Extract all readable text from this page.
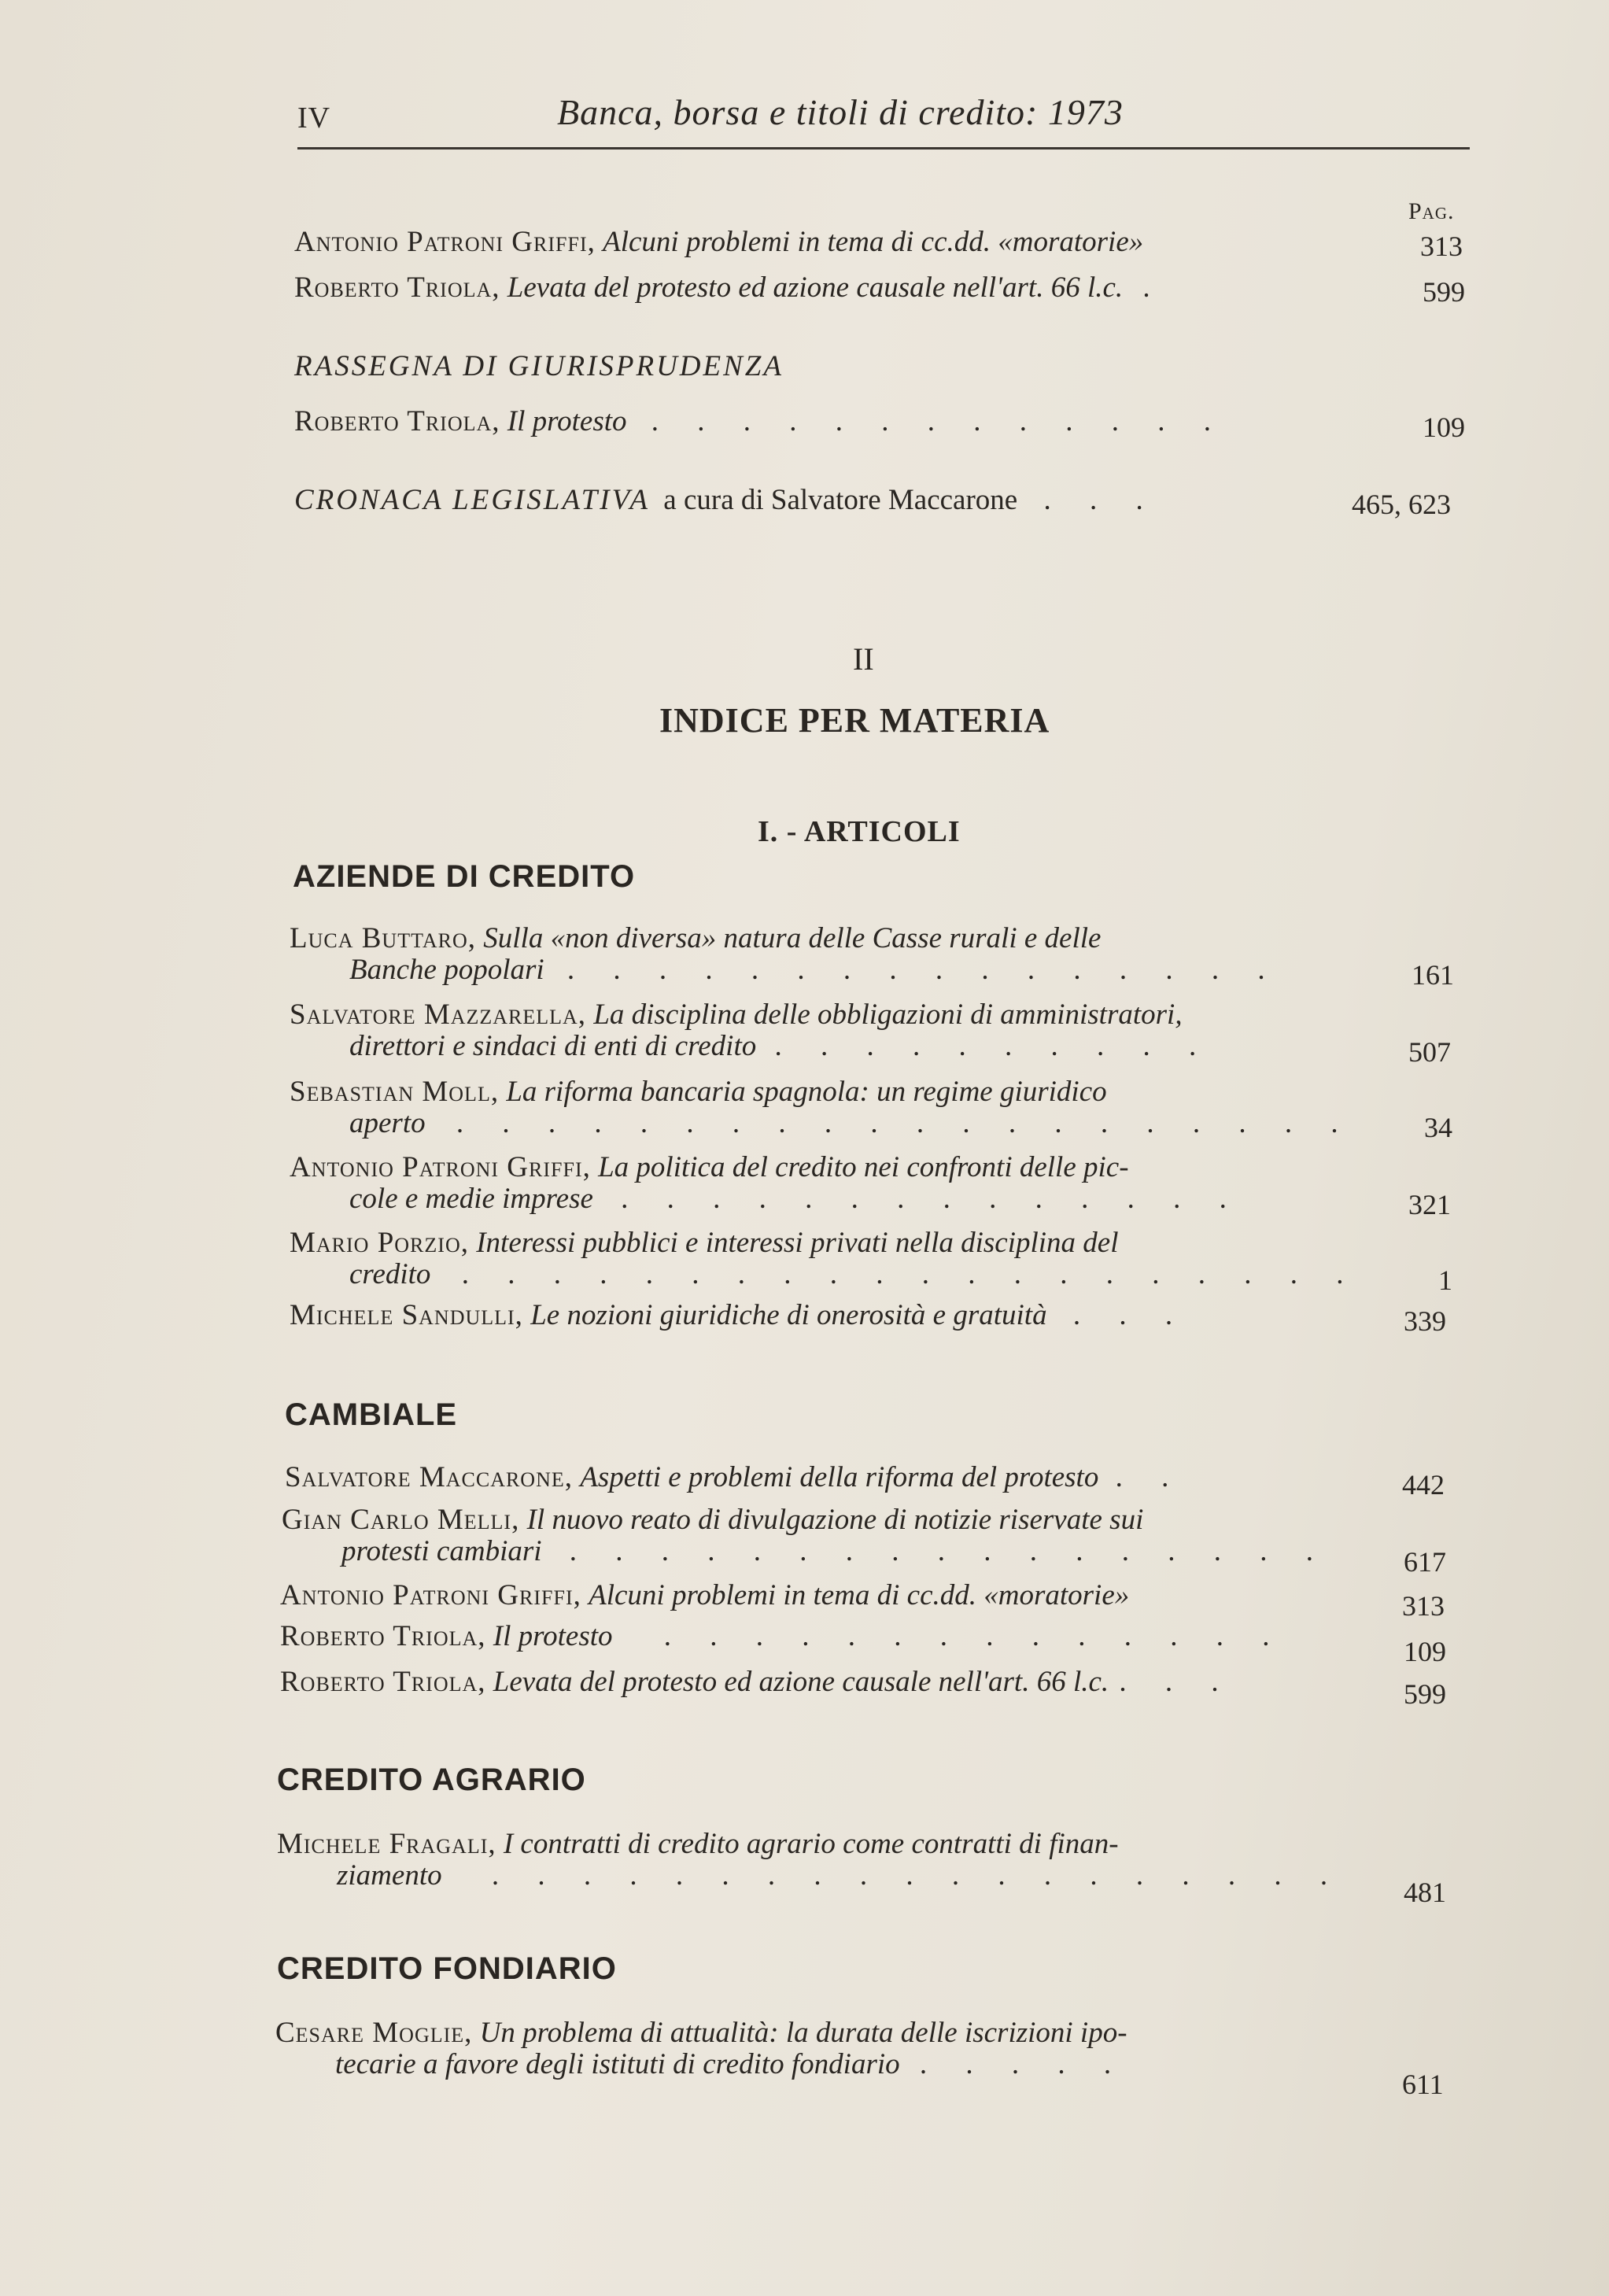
IV	Banca, borsa e titoli di credito: 1973
Pag.
Antonio Patroni Griffi, Alcuni problemi in tema di cc.dd. «moratorie»	313
Roberto Triola, Levata del protesto ed azione causale nell'art. 66 l.c. .	599
RASSEGNA DI GIURISPRUDENZA
Roberto Triola, Il protesto . . . . . . . . . . . . .	109
CRONACA LEGISLATIVA a cura di Salvatore Maccarone . . .	465, 623
II
INDICE PER MATERIA
I. - ARTICOLI
AZIENDE DI CREDITO
Luca Buttaro, Sulla «non diversa» natura delle Casse rurali e delle
Banche popolari . . . . . . . . . . . . . . . .	161
Salvatore Mazzarella, La disciplina delle obbligazioni di amministratori,
direttori e sindaci di enti di credito . . . . . . . . . .	507
Sebastian Moll, La riforma bancaria spagnola: un regime giuridico
aperto . . . . . . . . . . . . . . . . . . . . 34
Antonio Patroni Griffi, La politica del credito nei confronti delle pic-
cole e medie imprese . . . . . . . . . . . . . .	321
Mario Porzio, Interessi pubblici e interessi privati nella disciplina del
credito . . . . . . . . . . . . . . . . . . . .	1
Michele Sandulli, Le nozioni giuridiche di onerosità e gratuità . . .	339
CAMBIALE
Salvatore Maccarone, Aspetti e problemi della riforma del protesto . .	442
Gian Carlo Melli, Il nuovo reato di divulgazione di notizie riservate sui
protesti cambiari . . . . . . . . . . . . . . . . .	617
Antonio Patroni Griffi, Alcuni problemi in tema di cc.dd. «moratorie»	313
Roberto Triola, Il protesto . . . . . . . . . . . . . .	109
Roberto Triola, Levata del protesto ed azione causale nell'art. 66 l.c. . . .	599
CREDITO AGRARIO
Michele Fragali, I contratti di credito agrario come contratti di finan-
ziamento . . . . . . . . . . . . . . . . . . .
481
CREDITO FONDIARIO
Cesare Moglie, Un problema di attualità: la durata delle iscrizioni ipo-
tecarie a favore degli istituti di credito fondiario . . . . .
611
